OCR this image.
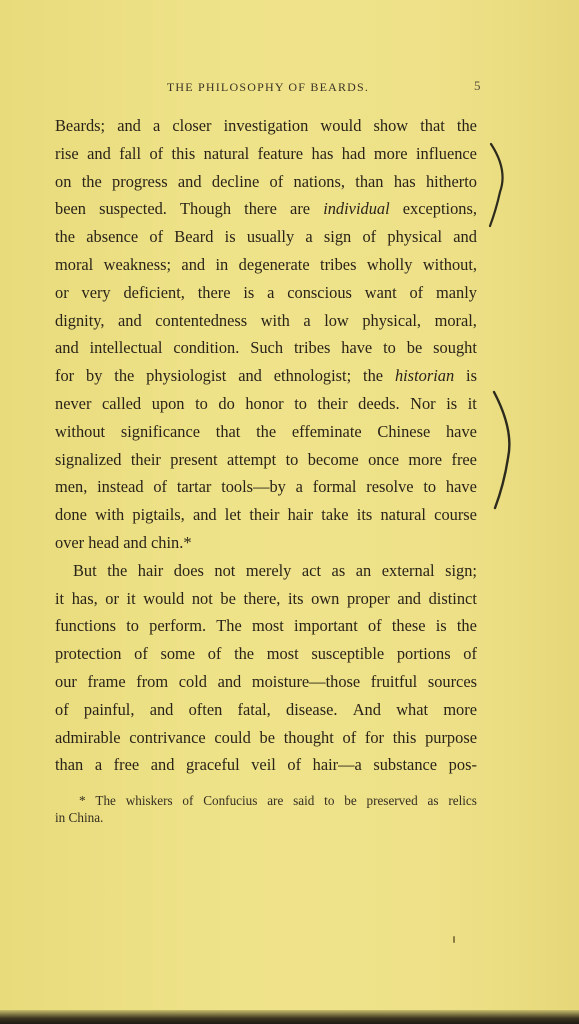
THE PHILOSOPHY OF BEARDS.	5
Beards; and a closer investigation would show that the
rise and fall of this natural feature has had more influence
on the progress and decline of nations, than has hitherto
been suspected. Though there are individual exceptions,
the absence of Beard is usually a sign of physical and
moral weakness; and in degenerate tribes wholly without,
or very deficient, there is a conscious want of manly
dignity, and contentedness with a low physical, moral,
and intellectual condition. Such tribes have to be sought
for by the physiologist and ethnologist; the historian is
never called upon to do honor to their deeds. Nor is it
without significance that the effeminate Chinese have
signalized their present attempt to become once more free
men, instead of tartar tools—by a formal resolve to have
done with pigtails, and let their hair take its natural course
over head and chin.*
But the hair does not merely act as an external sign;
it has, or it would not be there, its own proper and distinct
functions to perform. The most important of these is the
protection of some of the most susceptible portions of
our frame from cold and moisture—those fruitful sources
of painful, and often fatal, disease. And what more
admirable contrivance could be thought of for this purpose
than a free and graceful veil of hair—a substance pos-
* The whiskers of Confucius are said to be preserved as relics
in China.
